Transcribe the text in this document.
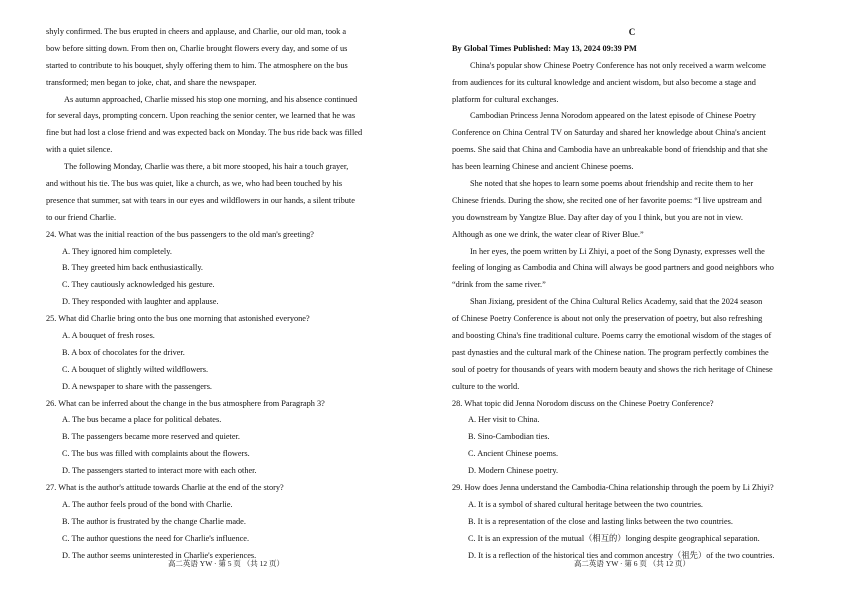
shyly confirmed. The bus erupted in cheers and applause, and Charlie, our old man, took a
bow before sitting down. From then on, Charlie brought flowers every day, and some of us
started to contribute to his bouquet, shyly offering them to him. The atmosphere on the bus
transformed; men began to joke, chat, and share the newspaper.
As autumn approached, Charlie missed his stop one morning, and his absence continued
for several days, prompting concern. Upon reaching the senior center, we learned that he was
fine but had lost a close friend and was expected back on Monday. The bus ride back was filled
with a quiet silence.
The following Monday, Charlie was there, a bit more stooped, his hair a touch grayer,
and without his tie. The bus was quiet, like a church, as we, who had been touched by his
presence that summer, sat with tears in our eyes and wildflowers in our hands, a silent tribute
to our friend Charlie.
24. What was the initial reaction of the bus passengers to the old man's greeting?
A. They ignored him completely.
B. They greeted him back enthusiastically.
C. They cautiously acknowledged his gesture.
D. They responded with laughter and applause.
25. What did Charlie bring onto the bus one morning that astonished everyone?
A. A bouquet of fresh roses.
B. A box of chocolates for the driver.
C. A bouquet of slightly wilted wildflowers.
D. A newspaper to share with the passengers.
26. What can be inferred about the change in the bus atmosphere from Paragraph 3?
A. The bus became a place for political debates.
B. The passengers became more reserved and quieter.
C. The bus was filled with complaints about the flowers.
D. The passengers started to interact more with each other.
27. What is the author's attitude towards Charlie at the end of the story?
A. The author feels proud of the bond with Charlie.
B. The author is frustrated by the change Charlie made.
C. The author questions the need for Charlie's influence.
D. The author seems uninterested in Charlie's experiences.
C
By Global Times Published: May 13, 2024 09:39 PM
China's popular show Chinese Poetry Conference has not only received a warm welcome
from audiences for its cultural knowledge and ancient wisdom, but also become a stage and
platform for cultural exchanges.
Cambodian Princess Jenna Norodom appeared on the latest episode of Chinese Poetry
Conference on China Central TV on Saturday and shared her knowledge about China's ancient
poems. She said that China and Cambodia have an unbreakable bond of friendship and that she
has been learning Chinese and ancient Chinese poems.
She noted that she hopes to learn some poems about friendship and recite them to her
Chinese friends. During the show, she recited one of her favorite poems: “I live upstream and
you downstream by Yangtze Blue. Day after day of you I think, but you are not in view.
Although as one we drink, the water clear of River Blue.”
In her eyes, the poem written by Li Zhiyi, a poet of the Song Dynasty, expresses well the
feeling of longing as Cambodia and China will always be good partners and good neighbors who
“drink from the same river.”
Shan Jixiang, president of the China Cultural Relics Academy, said that the 2024 season
of Chinese Poetry Conference is about not only the preservation of poetry, but also refreshing
and boosting China's fine traditional culture. Poems carry the emotional wisdom of the stages of
past dynasties and the cultural mark of the Chinese nation. The program perfectly combines the
soul of poetry for thousands of years with modern beauty and shows the rich heritage of Chinese
culture to the world.
28. What topic did Jenna Norodom discuss on the Chinese Poetry Conference?
A. Her visit to China.
B. Sino-Cambodian ties.
C. Ancient Chinese poems.
D. Modern Chinese poetry.
29. How does Jenna understand the Cambodia-China relationship through the poem by Li Zhiyi?
A. It is a symbol of shared cultural heritage between the two countries.
B. It is a representation of the close and lasting links between the two countries.
C. It is an expression of the mutual（相互的）longing despite geographical separation.
D. It is a reflection of the historical ties and common ancestry（祖先）of the two countries.
高二英语 YW · 第 5 页 （共 12 页）	高二英语 YW · 第 6 页 （共 12 页）
